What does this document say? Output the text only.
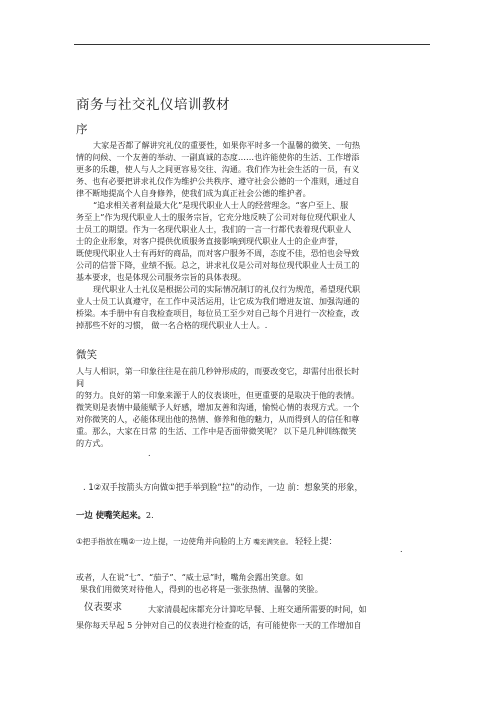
商务与社交礼仪培训教材
序
大家是否都了解讲究礼仪的重要性，如果你平时多一个温馨的微笑、一句热
情的问候、一个友善的举动、一副真诚的态度……也许能使你的生活、工作增添
更多的乐趣，使人与人之间更容易交往、沟通。我们作为社会生活的一员，有义
务、也有必要把讲求礼仪作为维护公共秩序、遵守社会公德的一个准则，通过自
律不断地提高个人自身修养，使我们成为真正社会公德的维护者。
“追求相关者利益最大化”是现代职业人士人的经营理念。“客户至上、服
务至上”作为现代职业人士的服务宗旨，它充分地反映了公司对每位现代职业人
士员工的期望。作为一名现代职业人士，我们的一言一行都代表着现代职业人
士的企业形象，对客户提供优质服务直接影响到现代职业人士的企业声誉，
既使现代职业人士有再好的商品，而对客户服务不周，态度不佳，恐怕也会导致
公司的信誉下降，业绩不振。总之，讲求礼仪是公司对每位现代职业人士员工的
基本要求，也是体现公司服务宗旨的具体表现。
现代职业人士礼仪是根据公司的实际情况制订的礼仪行为规范，希望现代职
业人士员工认真遵守，在工作中灵活运用，让它成为我们增进友谊、加强沟通的
桥梁。本手册中有自我检查项目，每位员工至少对自己每个月进行一次检查，改
掉那些不好的习惯， 做一名合格的现代职业人士人。.
微笑
人与人相识，第一印象往往是在前几秒钟形成的，而要改变它，却需付出很长时
间
的努力。良好的第一印象来源于人的仪表谈吐，但更重要的是取决于他的表情。
微笑则是表情中最能赋予人好感，增加友善和沟通，愉悦心情的表现方式。一个
对你微笑的人，必能体现出他的热情、修养和他的魅力，从而得到人的信任和尊
重。那么，大家在日常 的生活、工作中是否面带微笑呢？ 以下是几种训练微笑
的方式。
.
. 1②双手按箭头方向做①把手举到脸“拉”的动作，一边 前：想象笑的形象，
一边 使嘴笑起来。2.
①把手指放在嘴②一边上提，一边使角并向脸的上方 嘴充满笑意。 轻轻上提：
.
或者，人在说“七”、“茄子”、“威士忌”时，嘴角会露出笑意。如
果我们用微笑对待他人，得到的也必将是一张张热情、温馨的笑脸。
仪表要求	大家清晨起床都充分计算吃早餐、上班交通所需要的时间，如
果你每天早起 5 分钟对自己的仪表进行检查的话，有可能使你一天的工作增加自
